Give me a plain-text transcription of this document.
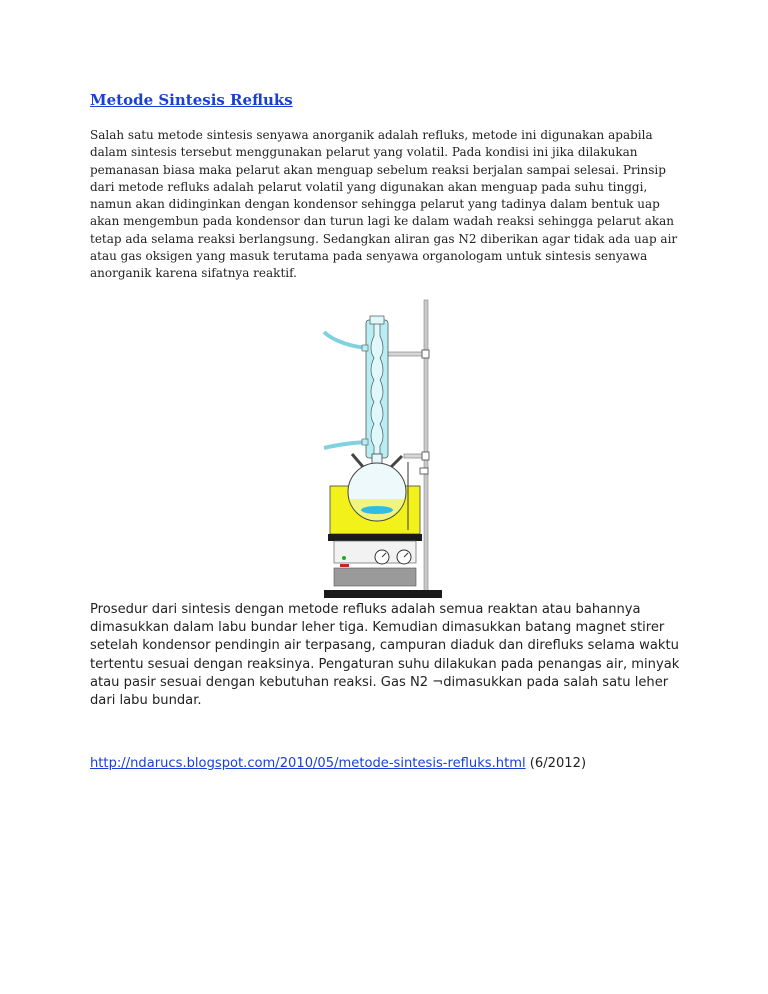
Metode Sintesis Refluks

Salah satu metode sintesis senyawa anorganik adalah refluks, metode ini digunakan apabila dalam sintesis tersebut menggunakan pelarut yang volatil. Pada kondisi ini jika dilakukan pemanasan biasa maka pelarut akan menguap sebelum reaksi berjalan sampai selesai. Prinsip dari metode refluks adalah pelarut volatil yang digunakan akan menguap pada suhu tinggi, namun akan didinginkan dengan kondensor sehingga pelarut yang tadinya dalam bentuk uap akan mengembun pada kondensor dan turun lagi ke dalam wadah reaksi sehingga pelarut akan tetap ada selama reaksi berlangsung. Sedangkan aliran gas N2 diberikan agar tidak ada uap air atau gas oksigen yang masuk terutama pada senyawa organologam untuk sintesis senyawa anorganik karena sifatnya reaktif.

Prosedur dari sintesis dengan metode refluks adalah semua reaktan atau bahannya dimasukkan dalam labu bundar leher tiga. Kemudian dimasukkan batang magnet stirer setelah kondensor pendingin air terpasang, campuran diaduk dan direfluks selama waktu tertentu sesuai dengan reaksinya. Pengaturan suhu dilakukan pada penangas air, minyak atau pasir sesuai dengan kebutuhan reaksi. Gas N2 ¬dimasukkan pada salah satu leher dari labu bundar.

http://ndarucs.blogspot.com/2010/05/metode-sintesis-refluks.html (6/2012)
